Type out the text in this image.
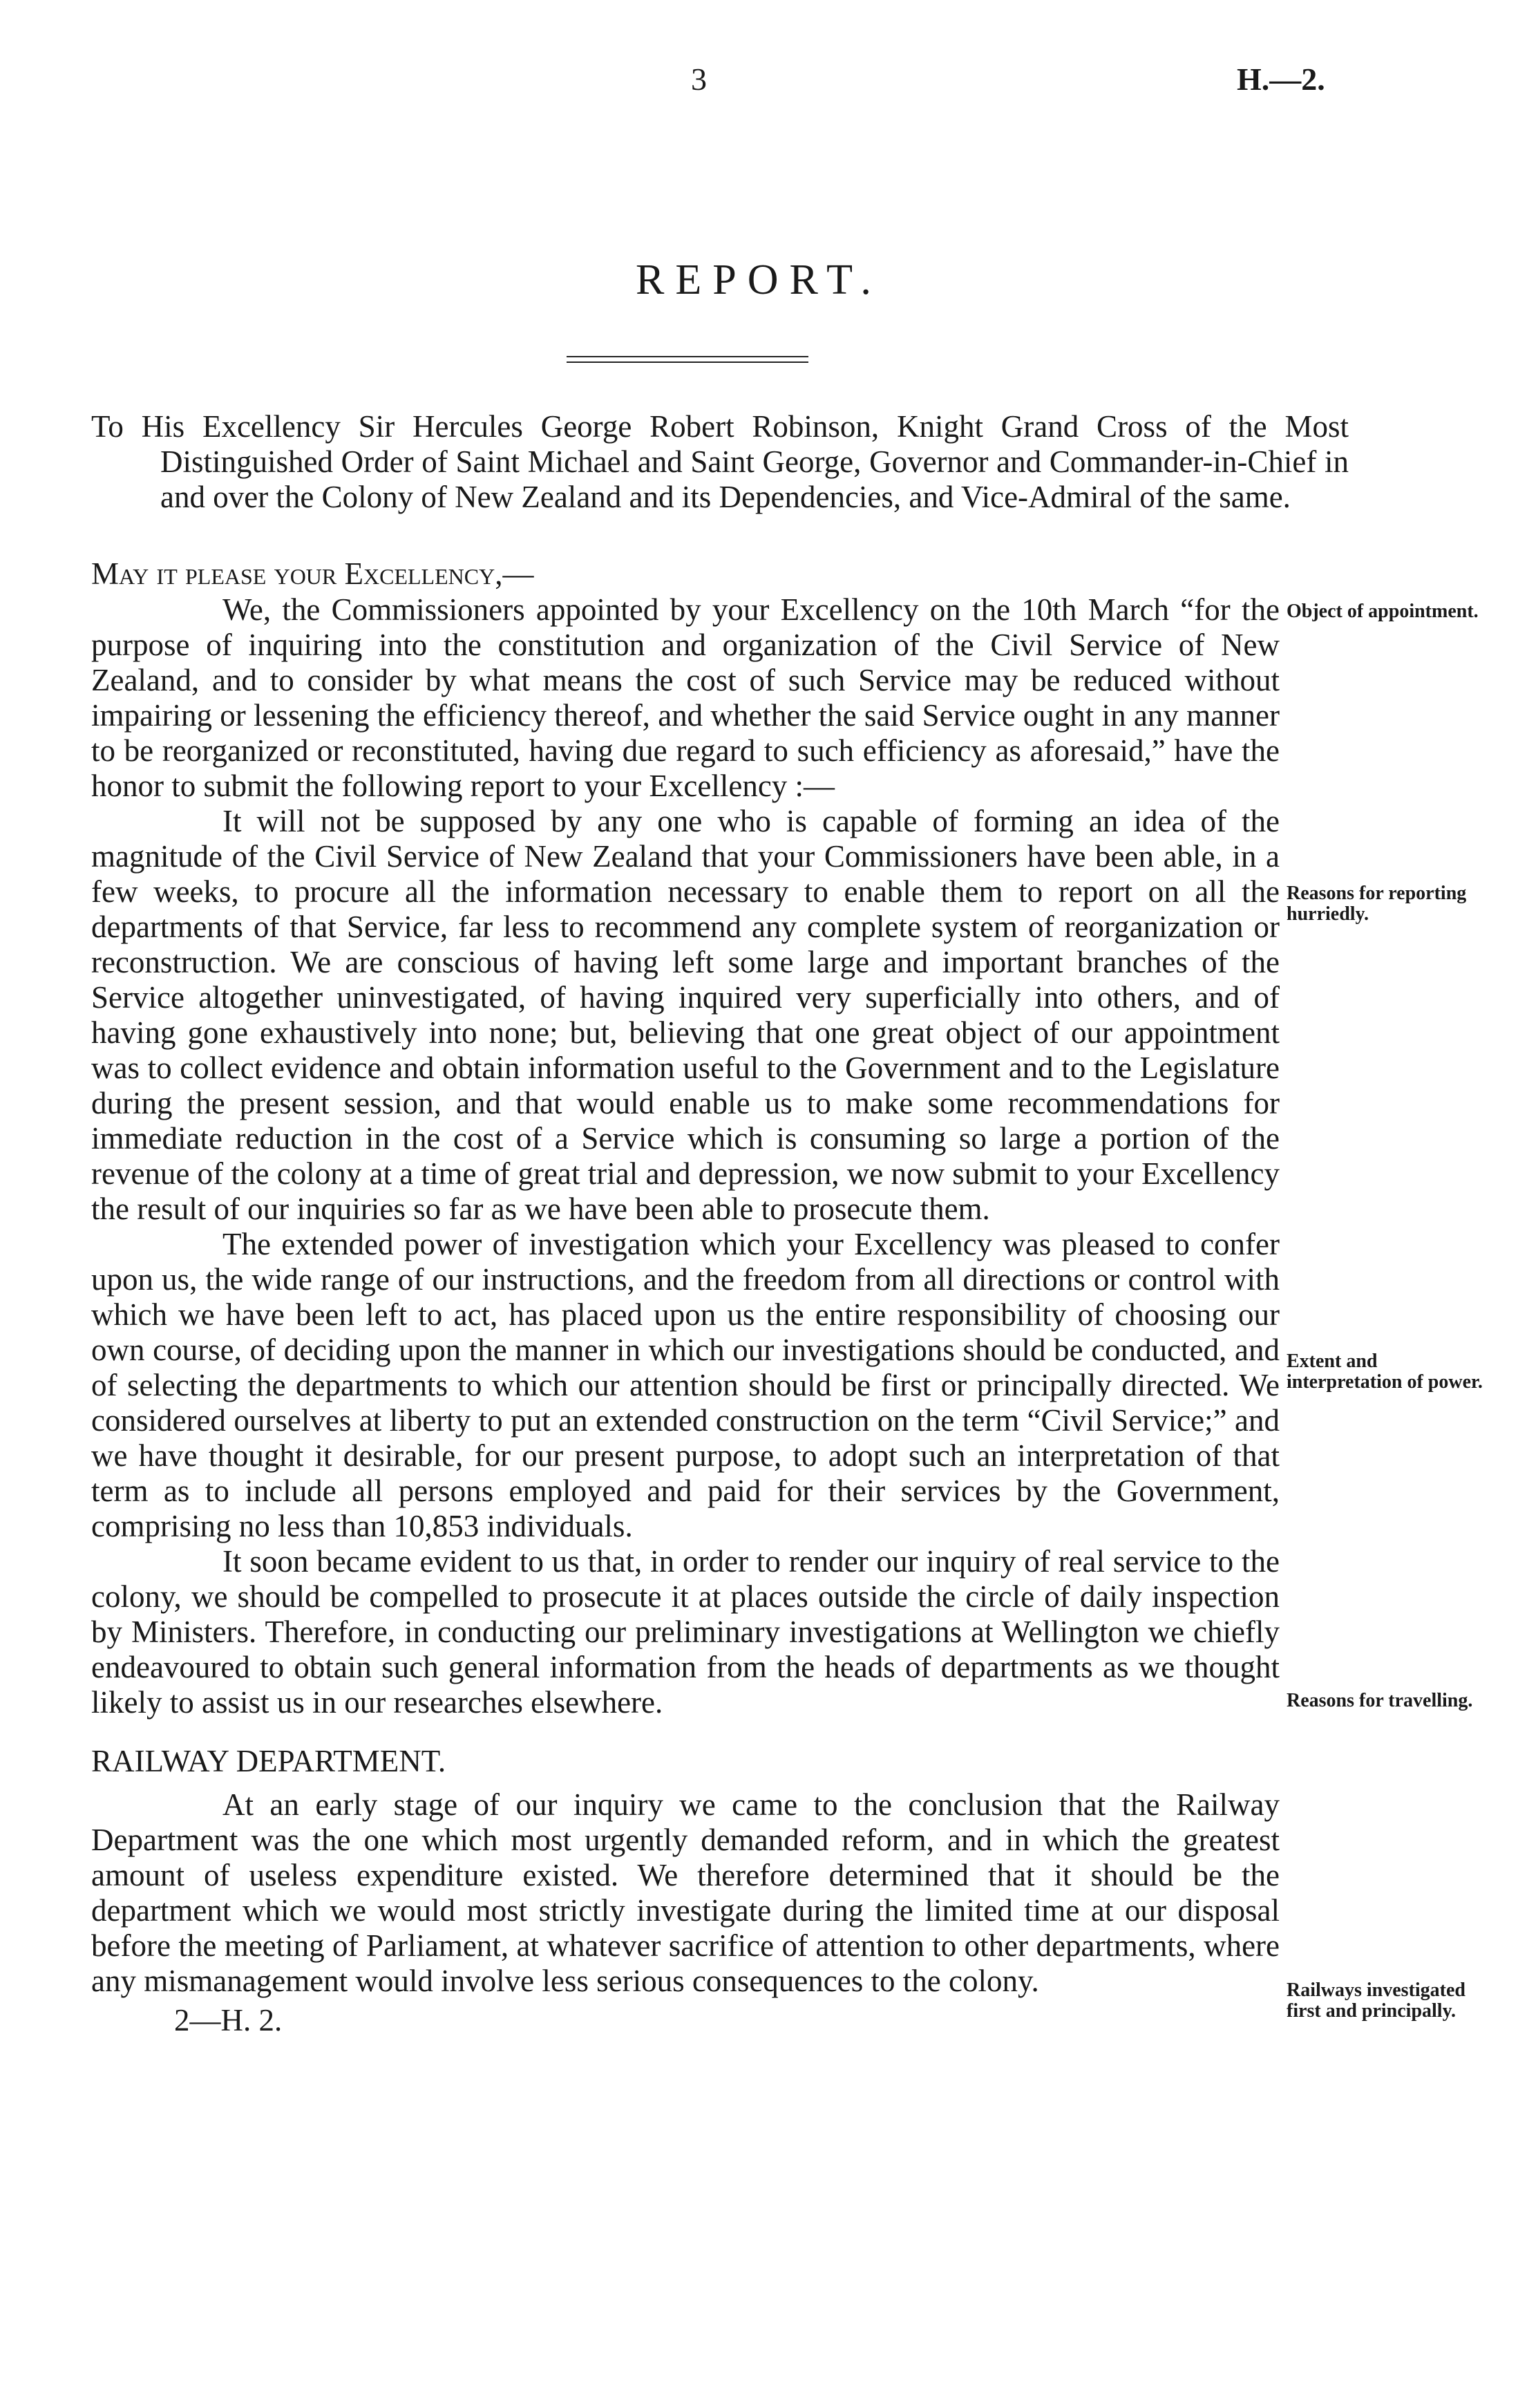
3	H.—2.
REPORT.
To His Excellency Sir Hercules George Robert Robinson, Knight Grand Cross of the Most Distinguished Order of Saint Michael and Saint George, Governor and Commander-in-Chief in and over the Colony of New Zealand and its Dependencies, and Vice-Admiral of the same.
May it please your Excellency,—

We, the Commissioners appointed by your Excellency on the 10th March “for the purpose of inquiring into the constitution and organization of the Civil Service of New Zealand, and to consider by what means the cost of such Service may be reduced without impairing or lessening the efficiency thereof, and whether the said Service ought in any manner to be reorganized or reconstituted, having due regard to such efficiency as aforesaid,” have the honor to submit the following report to your Excellency :—

It will not be supposed by any one who is capable of forming an idea of the magnitude of the Civil Service of New Zealand that your Commissioners have been able, in a few weeks, to procure all the information necessary to enable them to report on all the departments of that Service, far less to recommend any complete system of reorganization or reconstruction. We are conscious of having left some large and important branches of the Service altogether uninvestigated, of having inquired very superficially into others, and of having gone exhaustively into none; but, believing that one great object of our appointment was to collect evidence and obtain information useful to the Government and to the Legislature during the present session, and that would enable us to make some recommendations for immediate reduction in the cost of a Service which is consuming so large a portion of the revenue of the colony at a time of great trial and depression, we now submit to your Excellency the result of our inquiries so far as we have been able to prosecute them.

The extended power of investigation which your Excellency was pleased to confer upon us, the wide range of our instructions, and the freedom from all directions or control with which we have been left to act, has placed upon us the entire responsibility of choosing our own course, of deciding upon the manner in which our investigations should be conducted, and of selecting the departments to which our attention should be first or principally directed. We considered ourselves at liberty to put an extended construction on the term “Civil Service;” and we have thought it desirable, for our present purpose, to adopt such an interpretation of that term as to include all persons employed and paid for their services by the Government, comprising no less than 10,853 individuals.

It soon became evident to us that, in order to render our inquiry of real service to the colony, we should be compelled to prosecute it at places outside the circle of daily inspection by Ministers. Therefore, in conducting our preliminary investigations at Wellington we chiefly endeavoured to obtain such general information from the heads of departments as we thought likely to assist us in our researches elsewhere.

RAILWAY DEPARTMENT.

At an early stage of our inquiry we came to the conclusion that the Railway Department was the one which most urgently demanded reform, and in which the greatest amount of useless expenditure existed. We therefore determined that it should be the department which we would most strictly investigate during the limited time at our disposal before the meeting of Parliament, at whatever sacrifice of attention to other departments, where any mismanagement would involve less serious consequences to the colony.

2—H. 2.
Object of appointment.
Reasons for reporting hurriedly.
Extent and interpretation of power.
Reasons for travelling.
Railways investigated first and principally.
